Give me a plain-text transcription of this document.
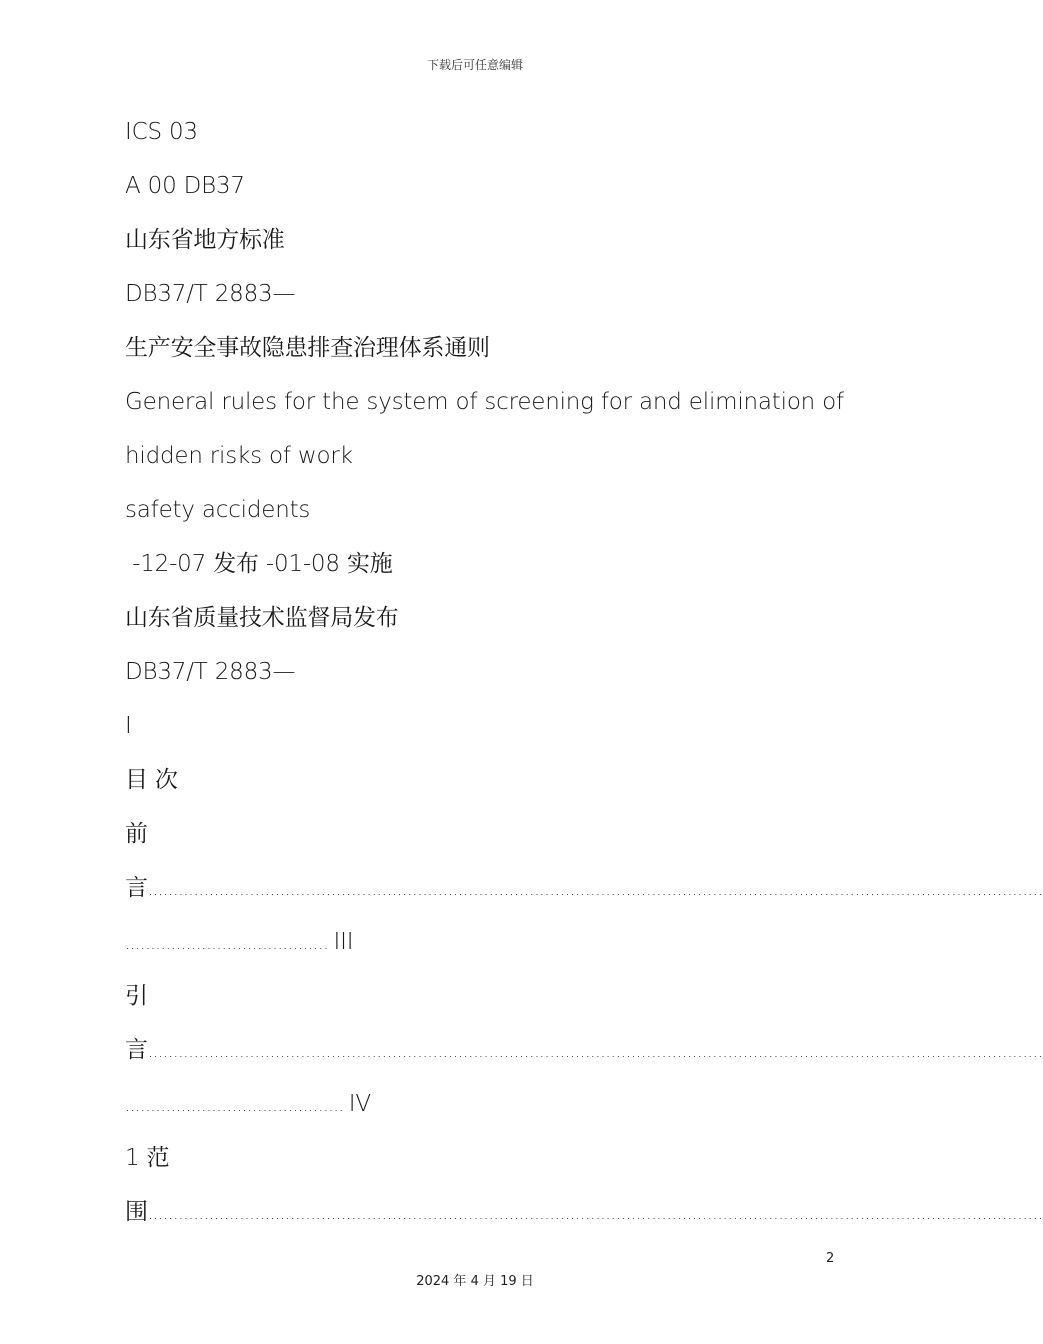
下载后可任意编辑
ICS 03
A 00 DB37
山东省地方标准
DB37/T 2883—
生产安全事故隐患排查治理体系通则
General rules for the system of screening for and elimination of
hidden risks of work
safety accidents
-12-07 发布 -01-08 实施
山东省质量技术监督局发布
DB37/T 2883—
I
目 次
前
言................................................................................................................................................................................
........................................ III
引
言................................................................................................................................................................................
........................................... IV
1 范
围................................................................................................................................................................................
2
2024 年 4 月 19 日
